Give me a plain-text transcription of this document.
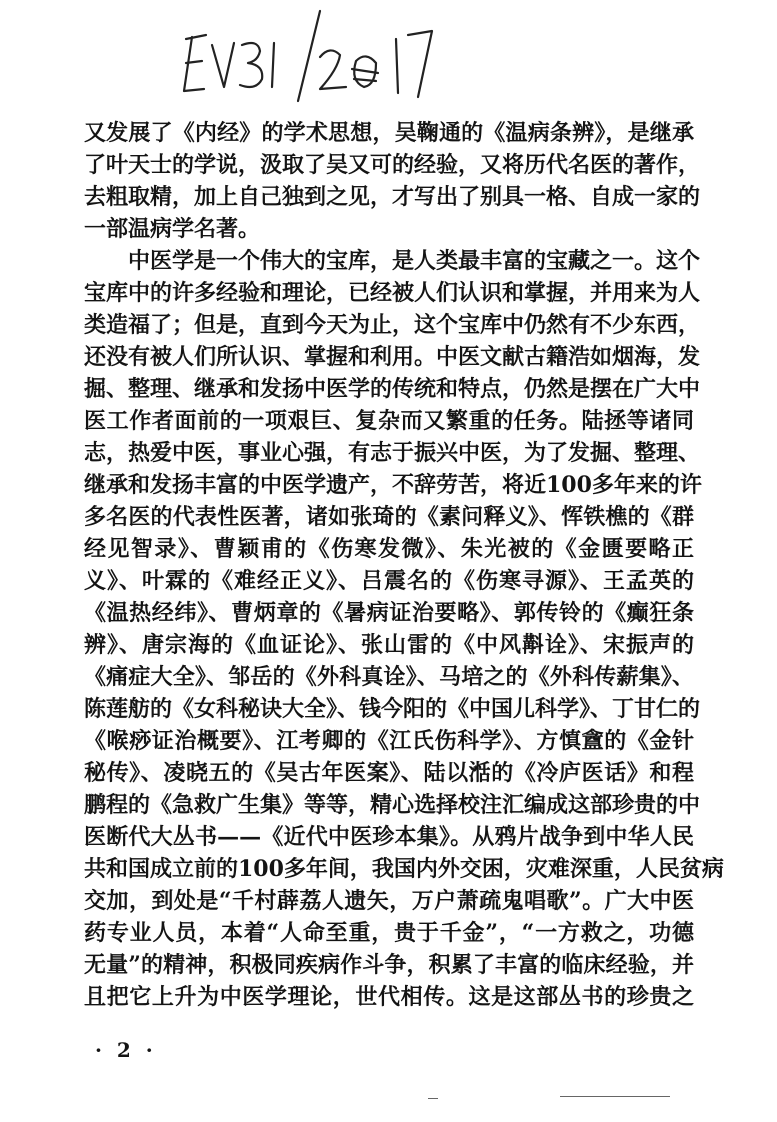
又发展了《内经》的学术思想，吴鞠通的《温病条辨》，是继承
了叶天士的学说，汲取了吴又可的经验，又将历代名医的著作，
去粗取精，加上自己独到之见，才写出了别具一格、自成一家的
一部温病学名著。
中医学是一个伟大的宝库，是人类最丰富的宝藏之一。这个
宝库中的许多经验和理论，已经被人们认识和掌握，并用来为人
类造福了；但是，直到今天为止，这个宝库中仍然有不少东西，
还没有被人们所认识、掌握和利用。中医文献古籍浩如烟海，发
掘、整理、继承和发扬中医学的传统和特点，仍然是摆在广大中
医工作者面前的一项艰巨、复杂而又繁重的任务。陆拯等诸同
志，热爱中医，事业心强，有志于振兴中医，为了发掘、整理、
继承和发扬丰富的中医学遗产，不辞劳苦，将近100多年来的许
多名医的代表性医著，诸如张琦的《素问释义》、恽铁樵的《群
经见智录》、曹颖甫的《伤寒发微》、朱光被的《金匮要略正
义》、叶霖的《难经正义》、吕震名的《伤寒寻源》、王孟英的
《温热经纬》、曹炳章的《暑病证治要略》、郭传铃的《癫狂条
辨》、唐宗海的《血证论》、张山雷的《中风斠诠》、宋振声的
《痛症大全》、邹岳的《外科真诠》、马培之的《外科传薪集》、
陈莲舫的《女科秘诀大全》、钱今阳的《中国儿科学》、丁甘仁的
《喉痧证治概要》、江考卿的《江氏伤科学》、方慎盦的《金针
秘传》、凌晓五的《吴古年医案》、陆以湉的《冷庐医话》和程
鹏程的《急救广生集》等等，精心选择校注汇编成这部珍贵的中
医断代大丛书——《近代中医珍本集》。从鸦片战争到中华人民
共和国成立前的100多年间，我国内外交困，灾难深重，人民贫病
交加，到处是“千村薜荔人遗矢，万户萧疏鬼唱歌”。广大中医
药专业人员，本着“人命至重，贵于千金”，“一方救之，功德
无量”的精神，积极同疾病作斗争，积累了丰富的临床经验，并
且把它上升为中医学理论，世代相传。这是这部丛书的珍贵之
· 2 ·
